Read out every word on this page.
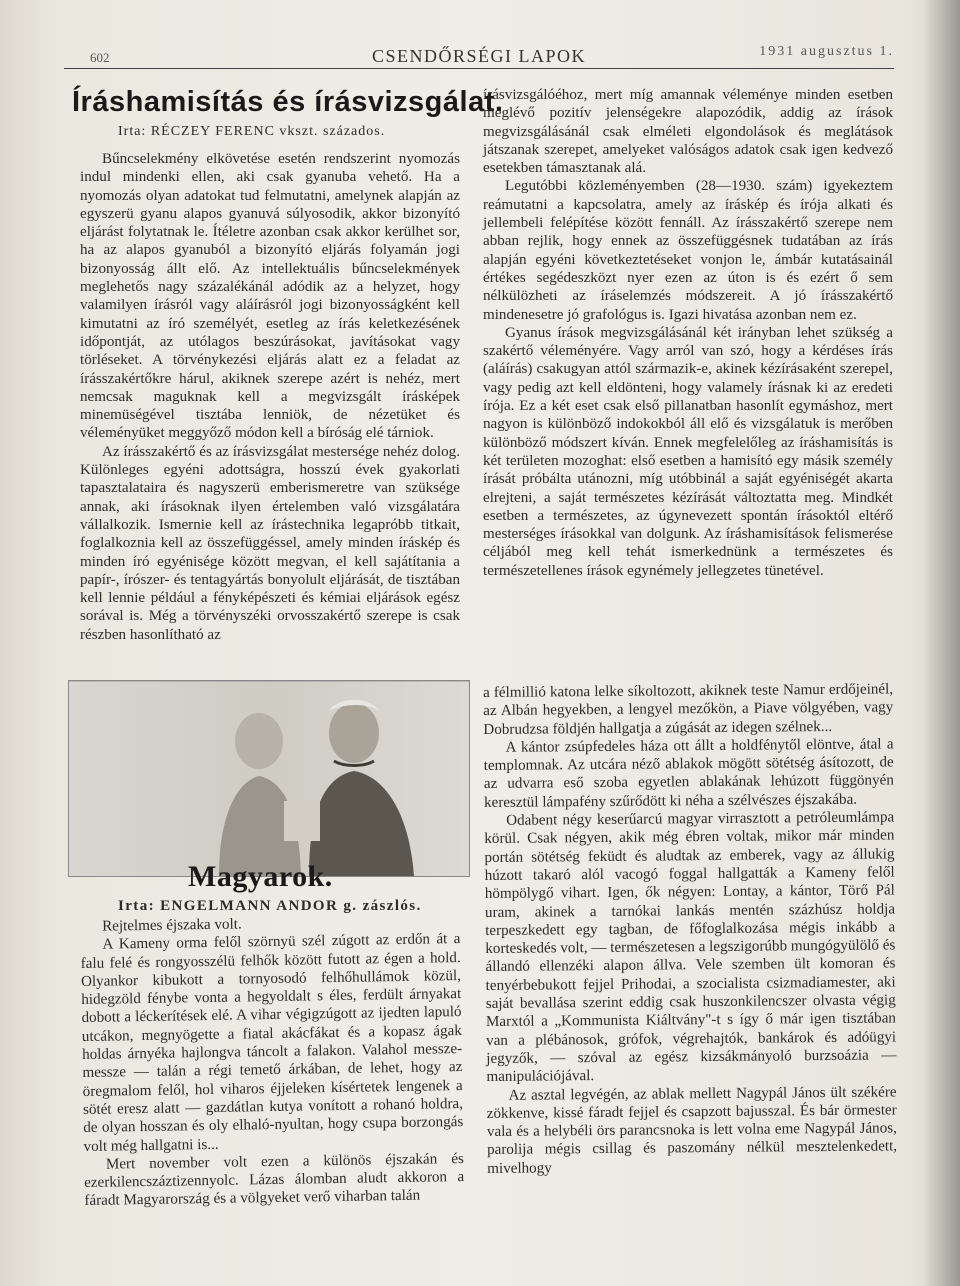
602	CSENDŐRSÉGI LAPOK	1931 augusztus 1.
Íráshamisítás és írásvizsgálat.
Irta: RÉCZEY FERENC vkszt. százados.

Bűncselekmény elkövetése esetén rendszerint nyomozás indul mindenki ellen, aki csak gyanuba vehető. Ha a nyomozás olyan adatokat tud felmutatni, amelynek alapján az egyszerü gyanu alapos gyanuvá súlyosodik, akkor bizonyító eljárást folytatnak le. Ítéletre azonban csak akkor kerülhet sor, ha az alapos gyanuból a bizonyító eljárás folyamán jogi bizonyosság állt elő. Az intellektuális bűncselekmények meglehetős nagy százalékánál adódik az a helyzet, hogy valamilyen írásról vagy aláírásról jogi bizonyosságként kell kimutatni az író személyét, esetleg az írás keletkezésének időpontját, az utólagos beszúrásokat, javításokat vagy törléseket. A törvénykezési eljárás alatt ez a feladat az írásszakértőkre hárul, akiknek szerepe azért is nehéz, mert nemcsak maguknak kell a megvizsgált írásképek minemüségével tisztába lenniök, de nézetüket és véleményüket meggyőző módon kell a bíróság elé tárniok.

Az írásszakértő és az írásvizsgálat mestersége nehéz dolog. Különleges egyéni adottságra, hosszú évek gyakorlati tapasztalataira és nagyszerü emberismeretre van szüksége annak, aki írásoknak ilyen értelemben való vizsgálatára vállalkozik. Ismernie kell az írástechnika legapróbb titkait, foglalkoznia kell az összefüggéssel, amely minden íráskép és minden író egyénisége között megvan, el kell sajátítania a papír-, írószer- és tentagyártás bonyolult eljárását, de tisztában kell lennie például a fényképészeti és kémiai eljárások egész sorával is. Még a törvényszéki orvosszakértő szerepe is csak részben hasonlítható az

írásvizsgálóéhoz, mert míg amannak véleménye minden esetben meglévő pozitív jelenségekre alapozódik, addig az írások megvizsgálásánál csak elméleti elgondolások és meglátások játszanak szerepet, amelyeket valóságos adatok csak igen kedvező esetekben támasztanak alá.

Legutóbbi közleményemben (28—1930. szám) igyekeztem reámutatni a kapcsolatra, amely az íráskép és írója alkati és jellembeli felépítése között fennáll. Az írásszakértő szerepe nem abban rejlik, hogy ennek az összefüggésnek tudatában az írás alapján egyéni következtetéseket vonjon le, ámbár kutatásainál értékes segédeszközt nyer ezen az úton is és ezért ő sem nélkülözheti az íráselemzés módszereit. A jó írásszakértő mindenesetre jó grafológus is. Igazi hivatása azonban nem ez.

Gyanus írások megvizsgálásánál két irányban lehet szükség a szakértő véleményére. Vagy arról van szó, hogy a kérdéses írás (aláírás) csakugyan attól származik-e, akinek kézírásaként szerepel, vagy pedig azt kell eldönteni, hogy valamely írásnak ki az eredeti írója. Ez a két eset csak első pillanatban hasonlít egymáshoz, mert nagyon is különböző indokokból áll elő és vizsgálatuk is merőben különböző módszert kíván. Ennek megfelelőleg az íráshamisítás is két területen mozoghat: első esetben a hamisító egy másik személy írását próbálta utánozni, míg utóbbinál a saját egyéniségét akarta elrejteni, a saját természetes kézírását változtatta meg. Mindkét esetben a természetes, az úgynevezett spontán írásoktól eltérő mesterséges írásokkal van dolgunk. Az íráshamisítások felismerése céljából meg kell tehát ismerkednünk a természetes és természetellenes írások egynémely jellegzetes tünetével.

Magyarok.
Irta: ENGELMANN ANDOR g. zászlós.

Rejtelmes éjszaka volt.

A Kameny orma felől szörnyü szél zúgott az erdőn át a falu felé és rongyosszélü felhők között futott az égen a hold. Olyankor kibukott a tornyosodó felhőhullámok közül, hidegzöld fénybe vonta a hegyoldalt s éles, ferdült árnyakat dobott a léckerítések elé. A vihar végigzúgott az ijedten lapuló utcákon, megnyögette a fiatal akácfákat és a kopasz ágak holdas árnyéka hajlongva táncolt a falakon. Valahol messze-messze — talán a régi temető árkában, de lehet, hogy az öregmalom felől, hol viharos éjjeleken kísértetek lengenek a sötét eresz alatt — gazdátlan kutya vonított a rohanó holdra, de olyan hosszan és oly elhaló-nyultan, hogy csupa borzongás volt még hallgatni is...

Mert november volt ezen a különös éjszakán és ezerkilencszáztizennyolc. Lázas álomban aludt akkoron a fáradt Magyarország és a völgyeket verő viharban talán

a félmillió katona lelke síkoltozott, akiknek teste Namur erdőjeinél, az Albán hegyekben, a lengyel mezőkön, a Piave völgyében, vagy Dobrudzsa földjén hallgatja a zúgását az idegen szélnek...

A kántor zsúpfedeles háza ott állt a holdfénytől elöntve, átal a templomnak. Az utcára néző ablakok mögött sötétség ásítozott, de az udvarra eső szoba egyetlen ablakának lehúzott függönyén keresztül lámpafény szűrődött ki néha a szélvészes éjszakába.

Odabent négy keserűarcú magyar virrasztott a petróleumlámpa körül. Csak négyen, akik még ébren voltak, mikor már minden portán sötétség feküdt és aludtak az emberek, vagy az állukig húzott takaró alól vacogó foggal hallgatták a Kameny felől hömpölygő vihart. Igen, ők négyen: Lontay, a kántor, Törő Pál uram, akinek a tarnókai lankás mentén százhúsz holdja terpeszkedett egy tagban, de főfoglalkozása mégis inkább a korteskedés volt, — természetesen a legszigorúbb mungógyülölő és állandó ellenzéki alapon állva. Vele szemben ült komoran és tenyérbebukott fejjel Prihodai, a szocialista csizmadiamester, aki saját bevallása szerint eddig csak huszonkilencszer olvasta végig Marxtól a „Kommunista Kiáltvány"-t s így ő már igen tisztában van a plébánosok, grófok, végrehajtók, bankárok és adóügyi jegyzők, — szóval az egész kizsákmányoló burzsoázia — manipulációjával.

Az asztal legvégén, az ablak mellett Nagypál János ült székére zökkenve, kissé fáradt fejjel és csapzott bajusszal. És bár örmester vala és a helybéli örs parancsnoka is lett volna eme Nagypál János, parolija mégis csillag és paszomány nélkül mesztelenkedett, mivelhogy
